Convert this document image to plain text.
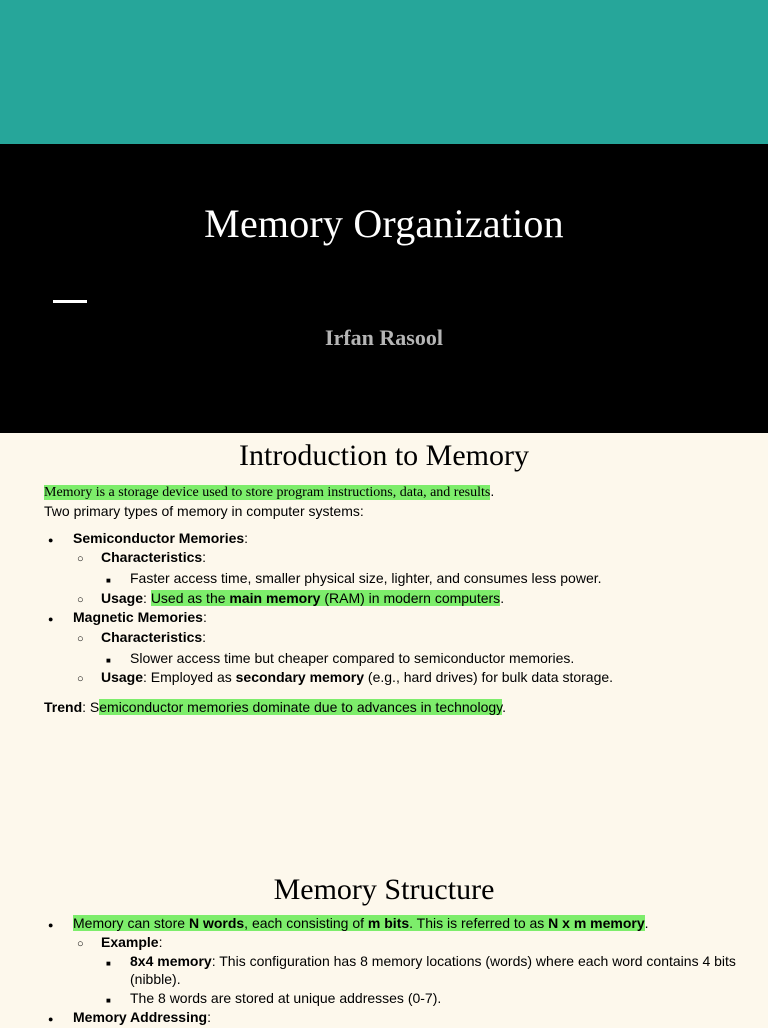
Memory Organization
Irfan Rasool
Introduction to Memory
Memory is a storage device used to store program instructions, data, and results.
Two primary types of memory in computer systems:
●
Semiconductor Memories:
○
Characteristics:
■
Faster access time, smaller physical size, lighter, and consumes less power.
○
Usage: Used as the main memory (RAM) in modern computers.
●
Magnetic Memories:
○
Characteristics:
■
Slower access time but cheaper compared to semiconductor memories.
○
Usage: Employed as secondary memory (e.g., hard drives) for bulk data storage.
Trend: Semiconductor memories dominate due to advances in technology.
Memory Structure
●
Memory can store N words, each consisting of m bits. This is referred to as N x m memory.
○
Example:
■
8x4 memory: This configuration has 8 memory locations (words) where each word contains 4 bits
(nibble).
■
The 8 words are stored at unique addresses (0-7).
●
Memory Addressing:
